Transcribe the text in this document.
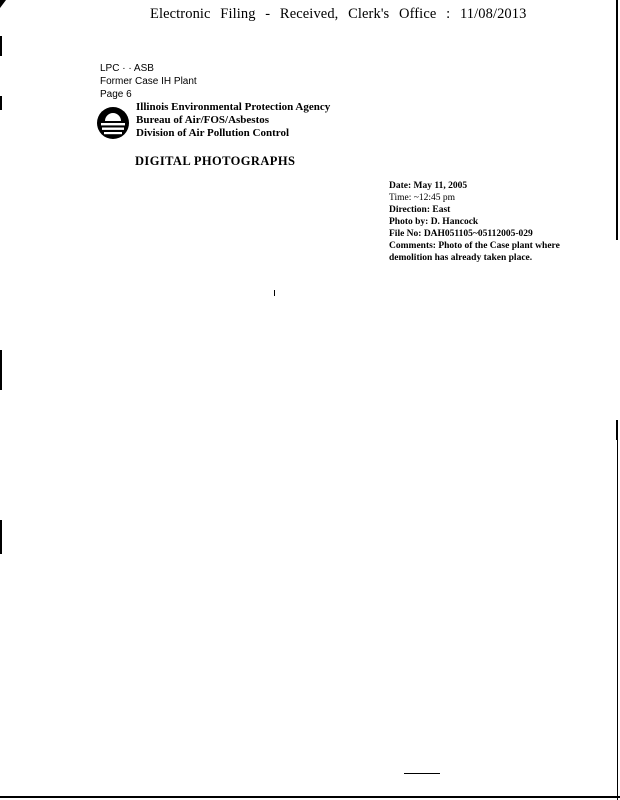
Electronic Filing - Received, Clerk's Office : 11/08/2013
LPC · · ASB
Former Case IH Plant
Page 6
Illinois Environmental Protection Agency
Bureau of Air/FOS/Asbestos
Division of Air Pollution Control
DIGITAL PHOTOGRAPHS
Date: May 11, 2005
Time: ~12:45 pm
Direction: East
Photo by: D. Hancock
File No: DAH051105~05112005-029
Comments: Photo of the Case plant where
demolition has already taken place.
